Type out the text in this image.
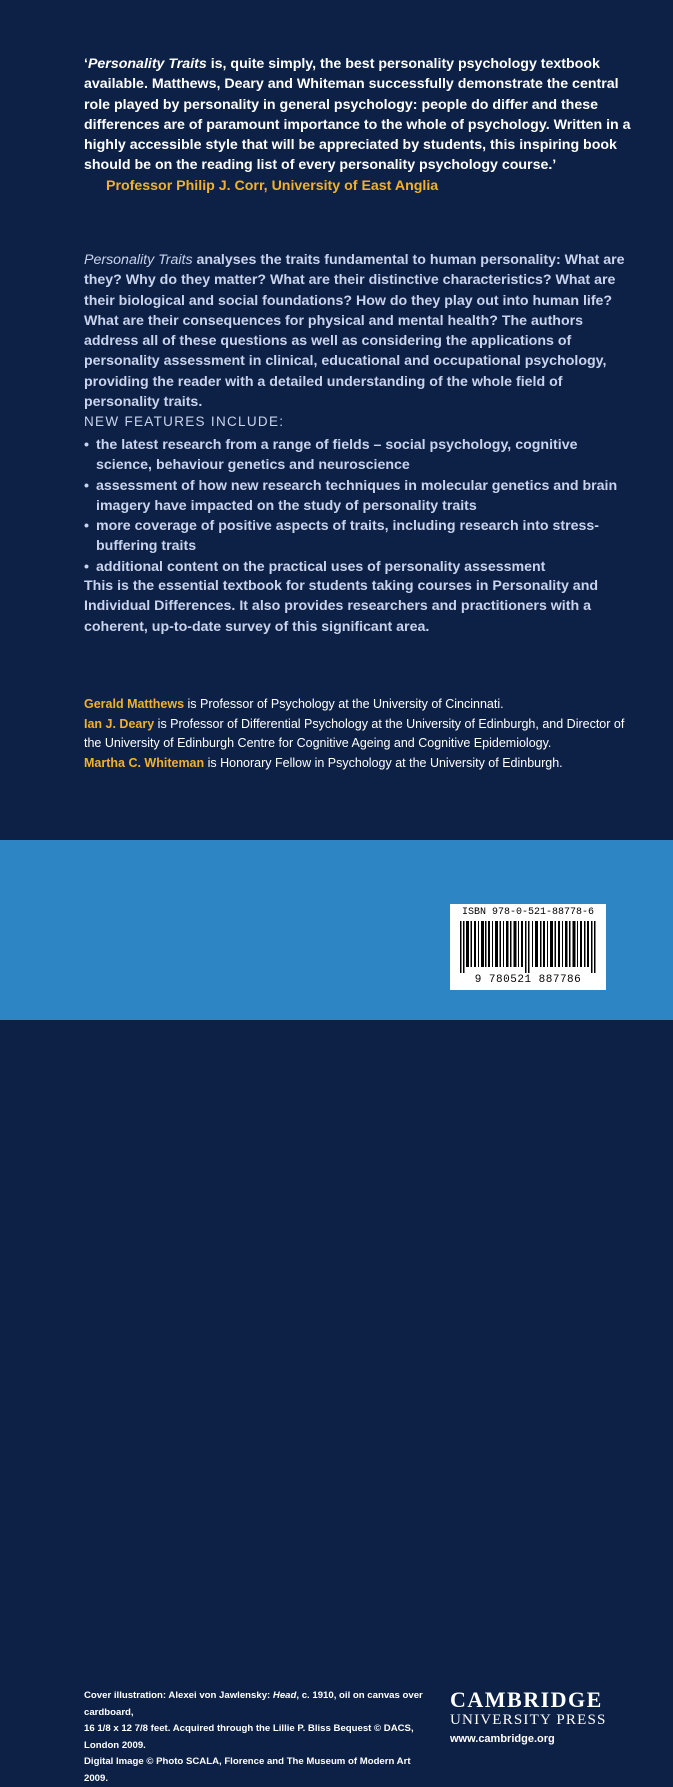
‘Personality Traits is, quite simply, the best personality psychology textbook available. Matthews, Deary and Whiteman successfully demonstrate the central role played by personality in general psychology: people do differ and these differences are of paramount importance to the whole of psychology. Written in a highly accessible style that will be appreciated by students, this inspiring book should be on the reading list of every personality psychology course.’

Professor Philip J. Corr, University of East Anglia

Personality Traits analyses the traits fundamental to human personality: What are they? Why do they matter? What are their distinctive characteristics? What are their biological and social foundations? How do they play out into human life? What are their consequences for physical and mental health? The authors address all of these questions as well as considering the applications of personality assessment in clinical, educational and occupational psychology, providing the reader with a detailed understanding of the whole field of personality traits.

NEW FEATURES INCLUDE:
• the latest research from a range of fields – social psychology, cognitive science, behaviour genetics and neuroscience
• assessment of how new research techniques in molecular genetics and brain imagery have impacted on the study of personality traits
• more coverage of positive aspects of traits, including research into stress-buffering traits
• additional content on the practical uses of personality assessment

This is the essential textbook for students taking courses in Personality and Individual Differences. It also provides researchers and practitioners with a coherent, up-to-date survey of this significant area.

Gerald Matthews is Professor of Psychology at the University of Cincinnati.

Ian J. Deary is Professor of Differential Psychology at the University of Edinburgh, and Director of the University of Edinburgh Centre for Cognitive Ageing and Cognitive Epidemiology.

Martha C. Whiteman is Honorary Fellow in Psychology at the University of Edinburgh.

Cover illustration: Alexei von Jawlensky: Head, c. 1910, oil on canvas over cardboard,

16 1/8 x 12 7/8 feet. Acquired through the Lillie P. Bliss Bequest © DACS, London 2009.

Digital Image © Photo SCALA, Florence and The Museum of Modern Art 2009.

CAMBRIDGE
UNIVERSITY PRESS
www.cambridge.org
ISBN 978-0-521-88778-6
9 780521 887786
